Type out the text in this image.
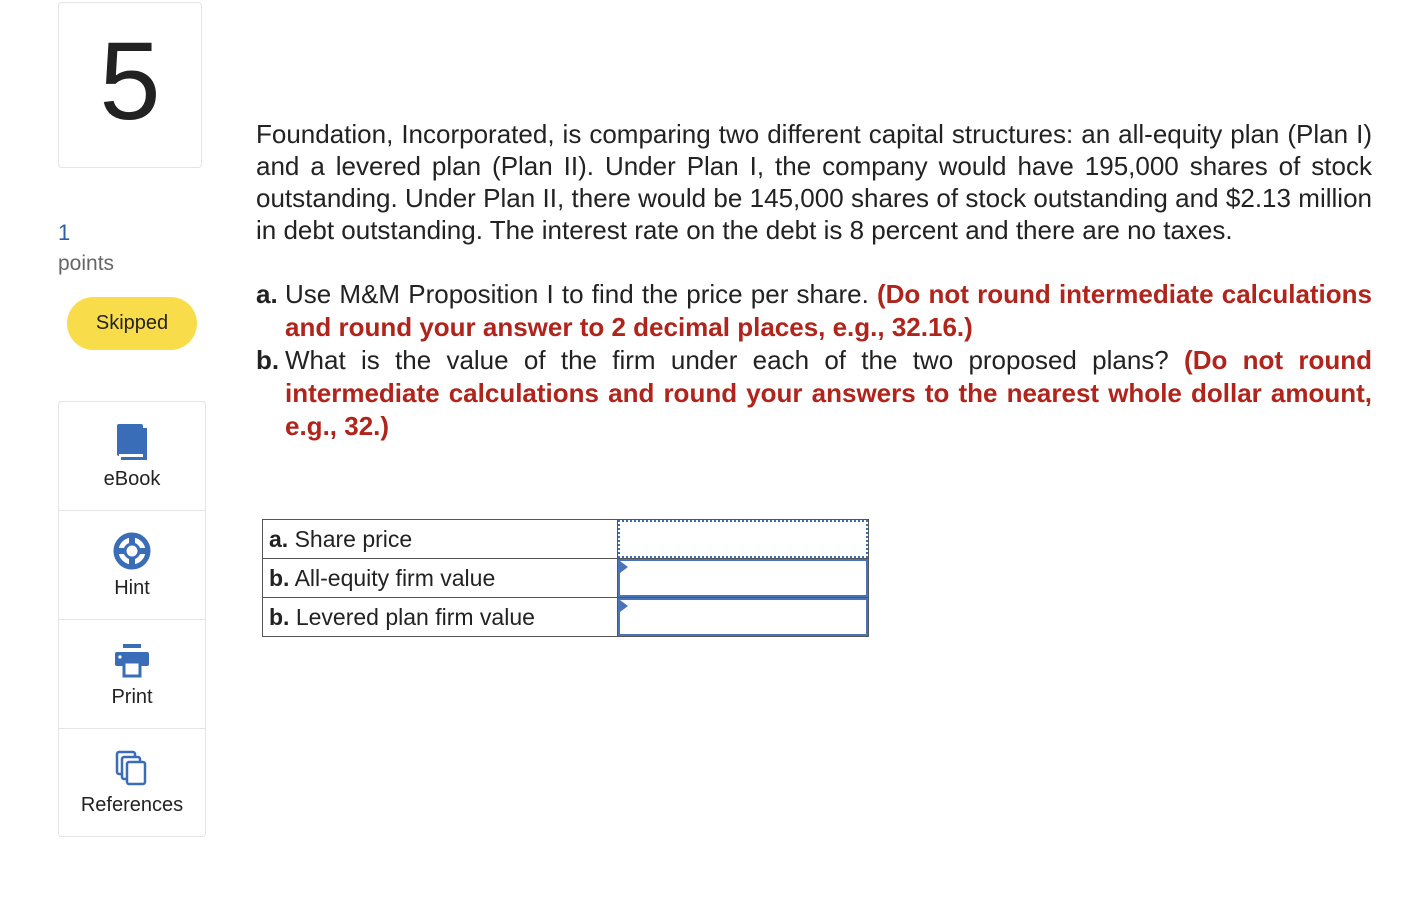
5
1
points
Skipped
eBook
Hint
Print
References

Foundation, Incorporated, is comparing two different capital structures: an all-equity plan (Plan I) and a levered plan (Plan II). Under Plan I, the company would have 195,000 shares of stock outstanding. Under Plan II, there would be 145,000 shares of stock outstanding and $2.13 million in debt outstanding. The interest rate on the debt is 8 percent and there are no taxes.

a. Use M&M Proposition I to find the price per share. (Do not round intermediate calculations and round your answer to 2 decimal places, e.g., 32.16.)
b. What is the value of the firm under each of the two proposed plans? (Do not round intermediate calculations and round your answers to the nearest whole dollar amount, e.g., 32.)
a. Share price	
b. All-equity firm value	

b. Levered plan firm value	
